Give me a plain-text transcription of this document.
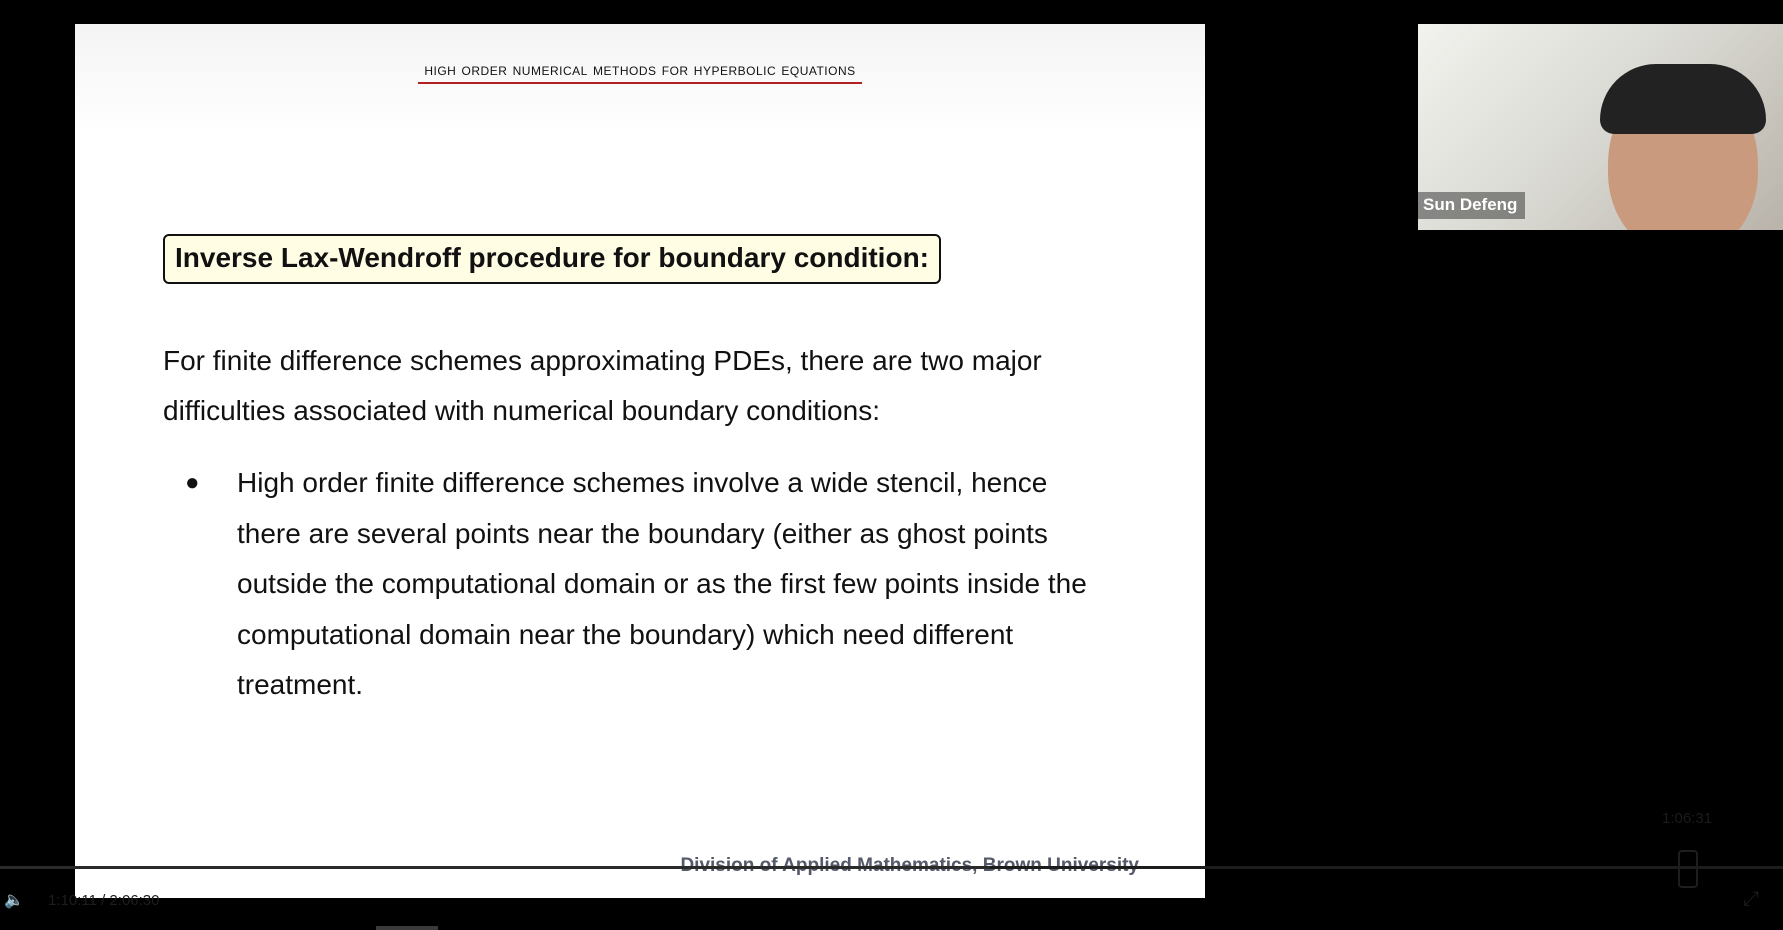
high order numerical methods for hyperbolic equations
Inverse Lax-Wendroff procedure for boundary condition:
For finite difference schemes approximating PDEs, there are two major
difficulties associated with numerical boundary conditions:
● High order finite difference schemes involve a wide stencil, hence
there are several points near the boundary (either as ghost points
outside the computational domain or as the first few points inside the
computational domain near the boundary) which need different
treatment.
Sun Defeng
1:06:31
🔈 1:10:11 / 2:06:30	⤢
